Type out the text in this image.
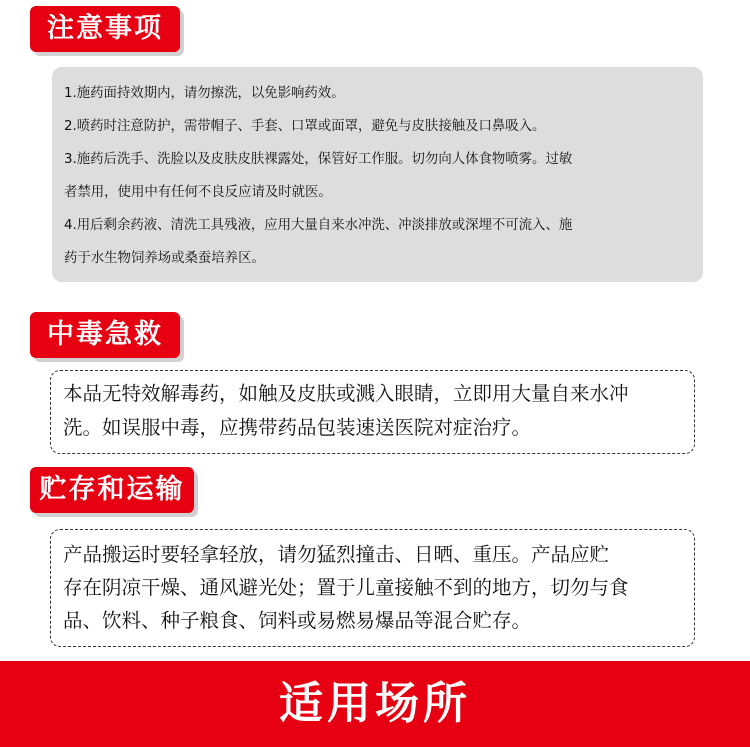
注意事项
1.施药面持效期内，请勿擦洗，以免影响药效。
2.喷药时注意防护，需带帽子、手套、口罩或面罩，避免与皮肤接触及口鼻吸入。
3.施药后洗手、洗脸以及皮肤皮肤裸露处，保管好工作服。切勿向人体食物喷雾。过敏
者禁用，使用中有任何不良反应请及时就医。
4.用后剩余药液、清洗工具残液，应用大量自来水冲洗、冲淡排放或深埋不可流入、施
药于水生物饲养场或桑蚕培养区。
中毒急救
本品无特效解毒药，如触及皮肤或溅入眼睛，立即用大量自来水冲
洗。如误服中毒，应携带药品包装速送医院对症治疗。
贮存和运输
产品搬运时要轻拿轻放，请勿猛烈撞击、日晒、重压。产品应贮
存在阴凉干燥、通风避光处；置于儿童接触不到的地方，切勿与食
品、饮料、种子粮食、饲料或易燃易爆品等混合贮存。
适用场所
